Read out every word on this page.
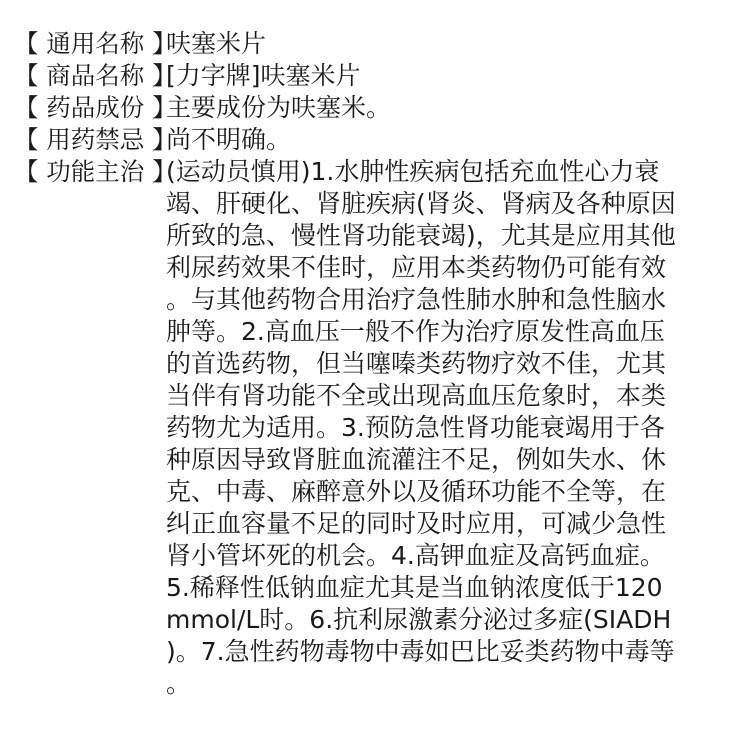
【 通用名称 】
呋塞米片
【 商品名称 】
[力字牌]呋塞米片
【 药品成份 】
主要成份为呋塞米。
【 用药禁忌 】
尚不明确。
【 功能主治 】
(运动员慎用)1.水肿性疾病包括充血性心力衰
竭、肝硬化、肾脏疾病(肾炎、肾病及各种原因
所致的急、慢性肾功能衰竭)，尤其是应用其他
利尿药效果不佳时，应用本类药物仍可能有效
。与其他药物合用治疗急性肺水肿和急性脑水
肿等。2.高血压一般不作为治疗原发性高血压
的首选药物，但当噻嗪类药物疗效不佳，尤其
当伴有肾功能不全或出现高血压危象时，本类
药物尤为适用。3.预防急性肾功能衰竭用于各
种原因导致肾脏血流灌注不足，例如失水、休
克、中毒、麻醉意外以及循环功能不全等，在
纠正血容量不足的同时及时应用，可减少急性
肾小管坏死的机会。4.高钾血症及高钙血症。
5.稀释性低钠血症尤其是当血钠浓度低于120
mmol/L时。6.抗利尿激素分泌过多症(SIADH
)。7.急性药物毒物中毒如巴比妥类药物中毒等
。
